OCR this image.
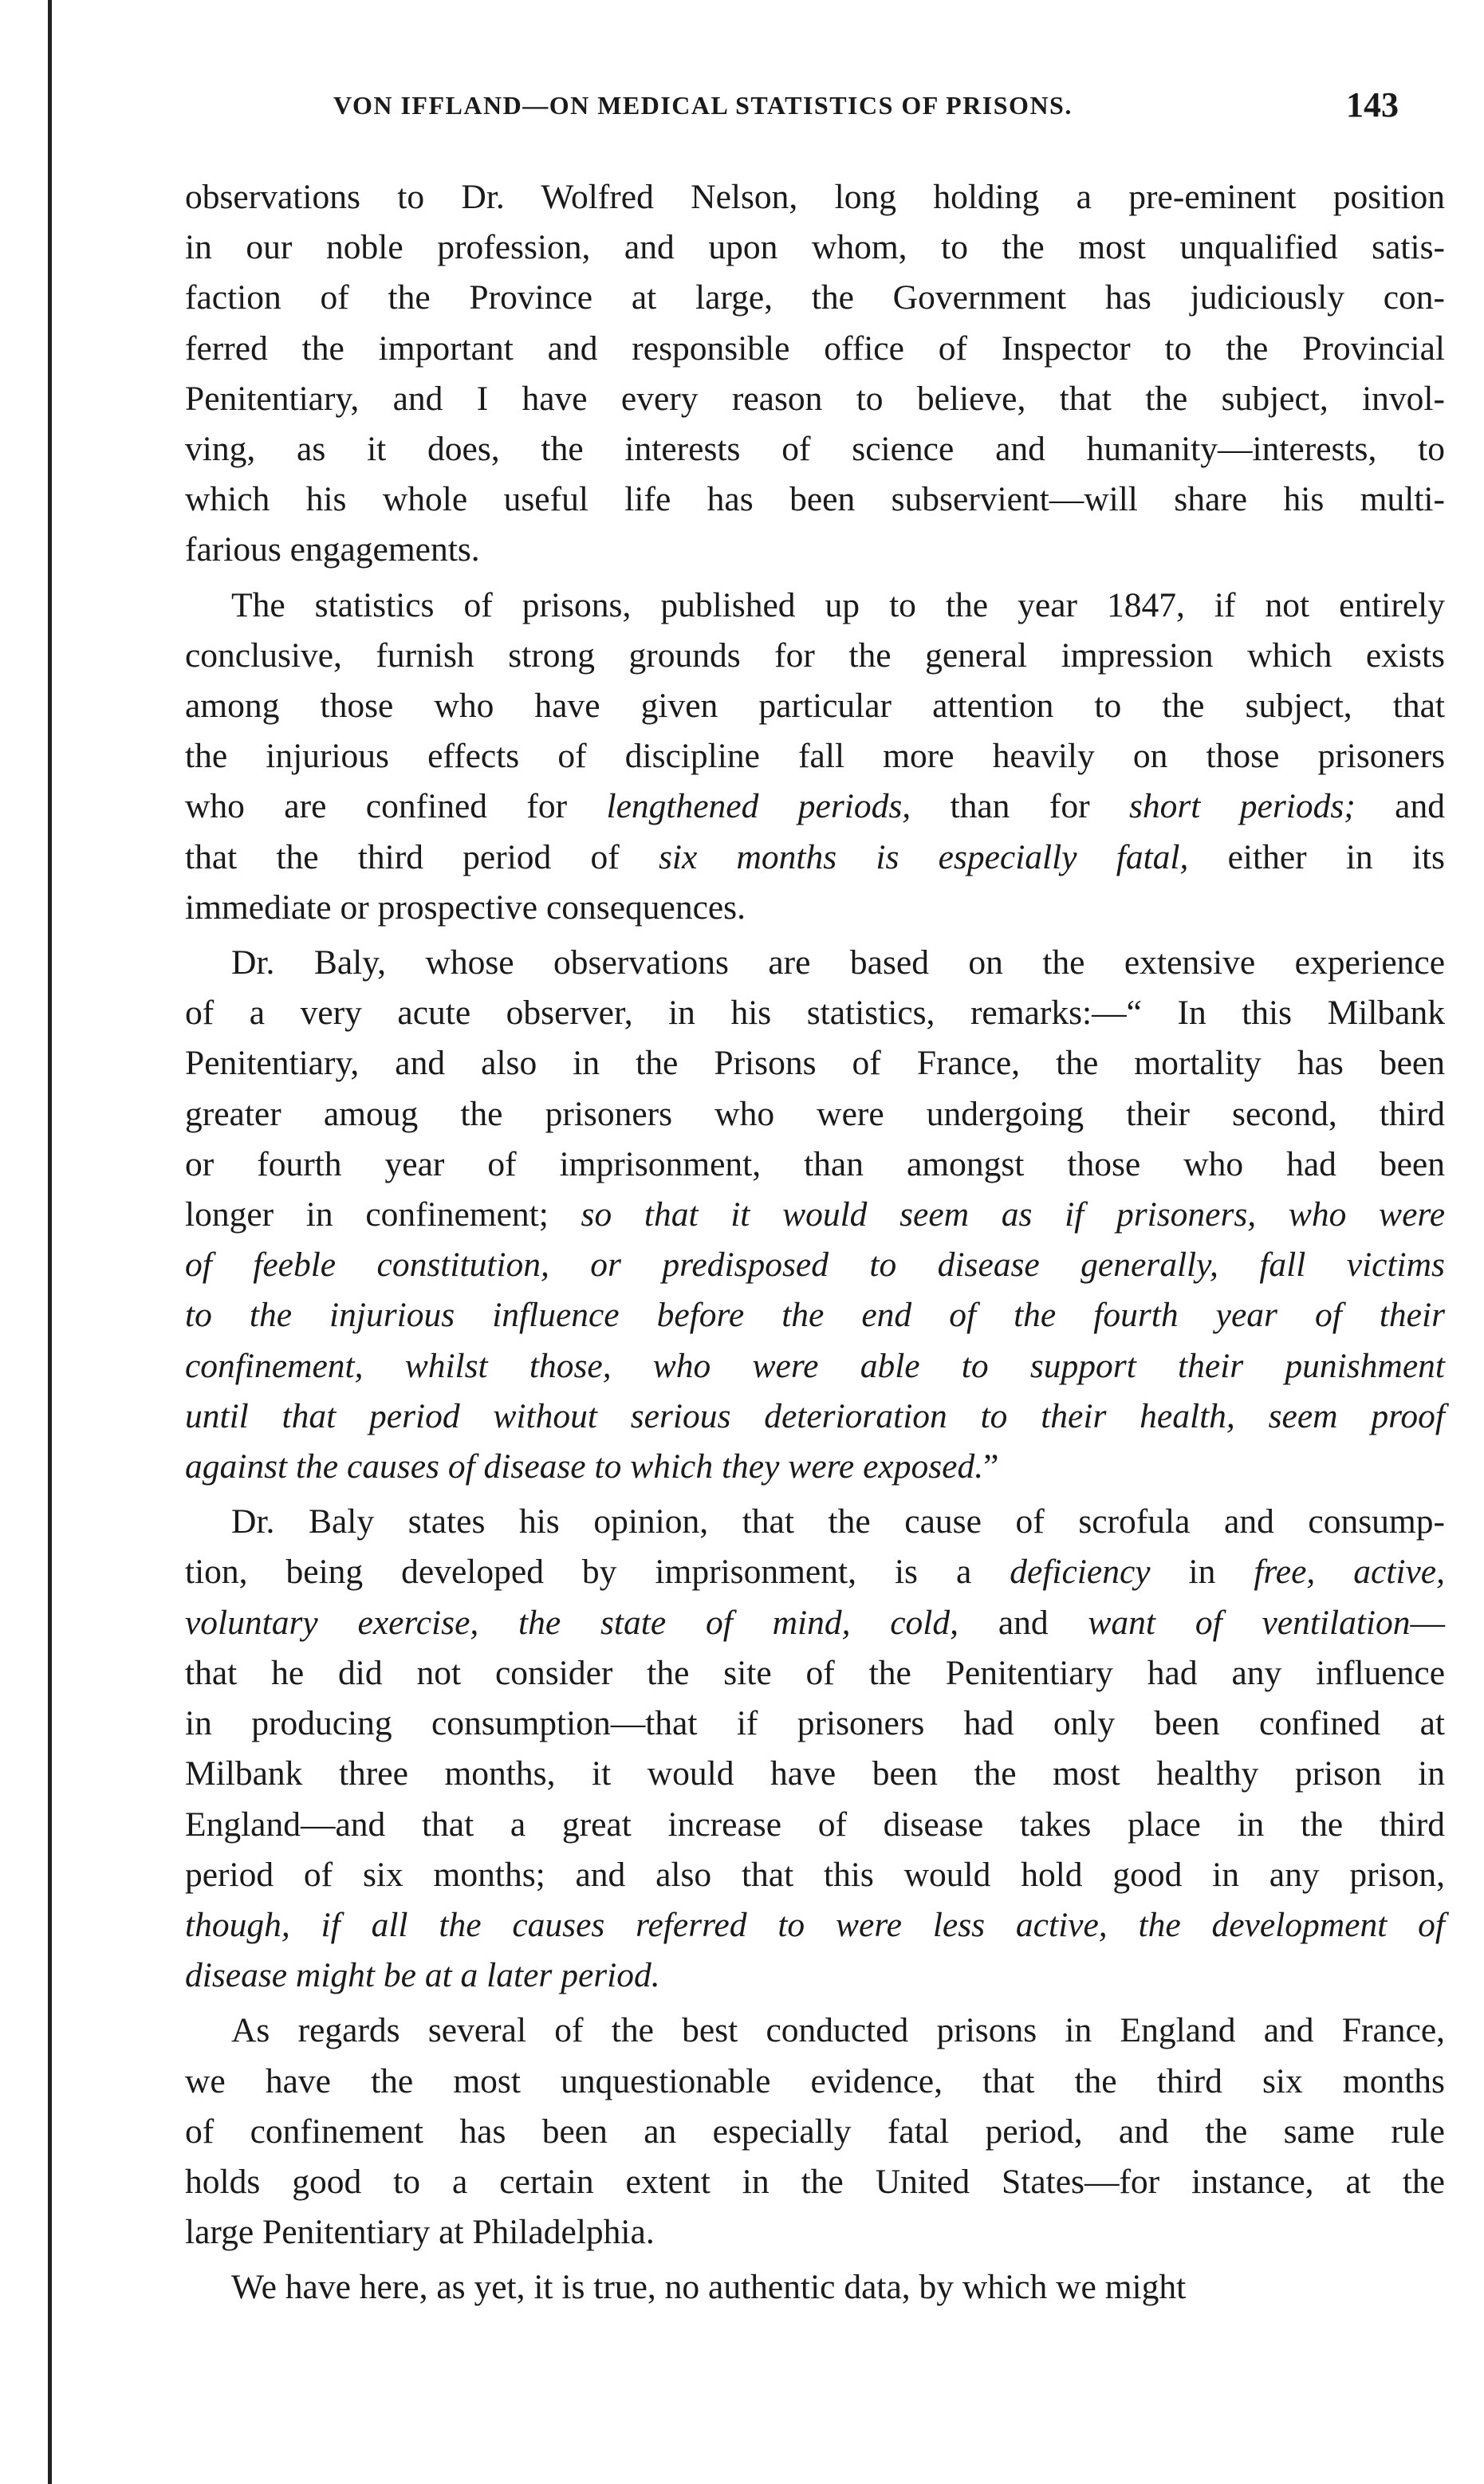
VON IFFLAND—ON MEDICAL STATISTICS OF PRISONS.	143

observations to Dr. Wolfred Nelson, long holding a pre-eminent position
in our noble profession, and upon whom, to the most unqualified satis-
faction of the Province at large, the Government has judiciously con-
ferred the important and responsible office of Inspector to the Provincial
Penitentiary, and I have every reason to believe, that the subject, invol-
ving, as it does, the interests of science and humanity—interests, to
which his whole useful life has been subservient—will share his multi-
farious engagements.

The statistics of prisons, published up to the year 1847, if not entirely
conclusive, furnish strong grounds for the general impression which exists
among those who have given particular attention to the subject, that
the injurious effects of discipline fall more heavily on those prisoners
who are confined for lengthened periods, than for short periods; and
that the third period of six months is especially fatal, either in its
immediate or prospective consequences.

Dr. Baly, whose observations are based on the extensive experience
of a very acute observer, in his statistics, remarks:—“ In this Milbank
Penitentiary, and also in the Prisons of France, the mortality has been
greater amoug the prisoners who were undergoing their second, third
or fourth year of imprisonment, than amongst those who had been
longer in confinement; so that it would seem as if prisoners, who were
of feeble constitution, or predisposed to disease generally, fall victims
to the injurious influence before the end of the fourth year of their
confinement, whilst those, who were able to support their punishment
until that period without serious deterioration to their health, seem proof
against the causes of disease to which they were exposed.”

Dr. Baly states his opinion, that the cause of scrofula and consump-
tion, being developed by imprisonment, is a deficiency in free, active,
voluntary exercise, the state of mind, cold, and want of ventilation—
that he did not consider the site of the Penitentiary had any influence
in producing consumption—that if prisoners had only been confined at
Milbank three months, it would have been the most healthy prison in
England—and that a great increase of disease takes place in the third
period of six months; and also that this would hold good in any prison,
though, if all the causes referred to were less active, the development of
disease might be at a later period.

As regards several of the best conducted prisons in England and France,
we have the most unquestionable evidence, that the third six months
of confinement has been an especially fatal period, and the same rule
holds good to a certain extent in the United States—for instance, at the
large Penitentiary at Philadelphia.

We have here, as yet, it is true, no authentic data, by which we might
